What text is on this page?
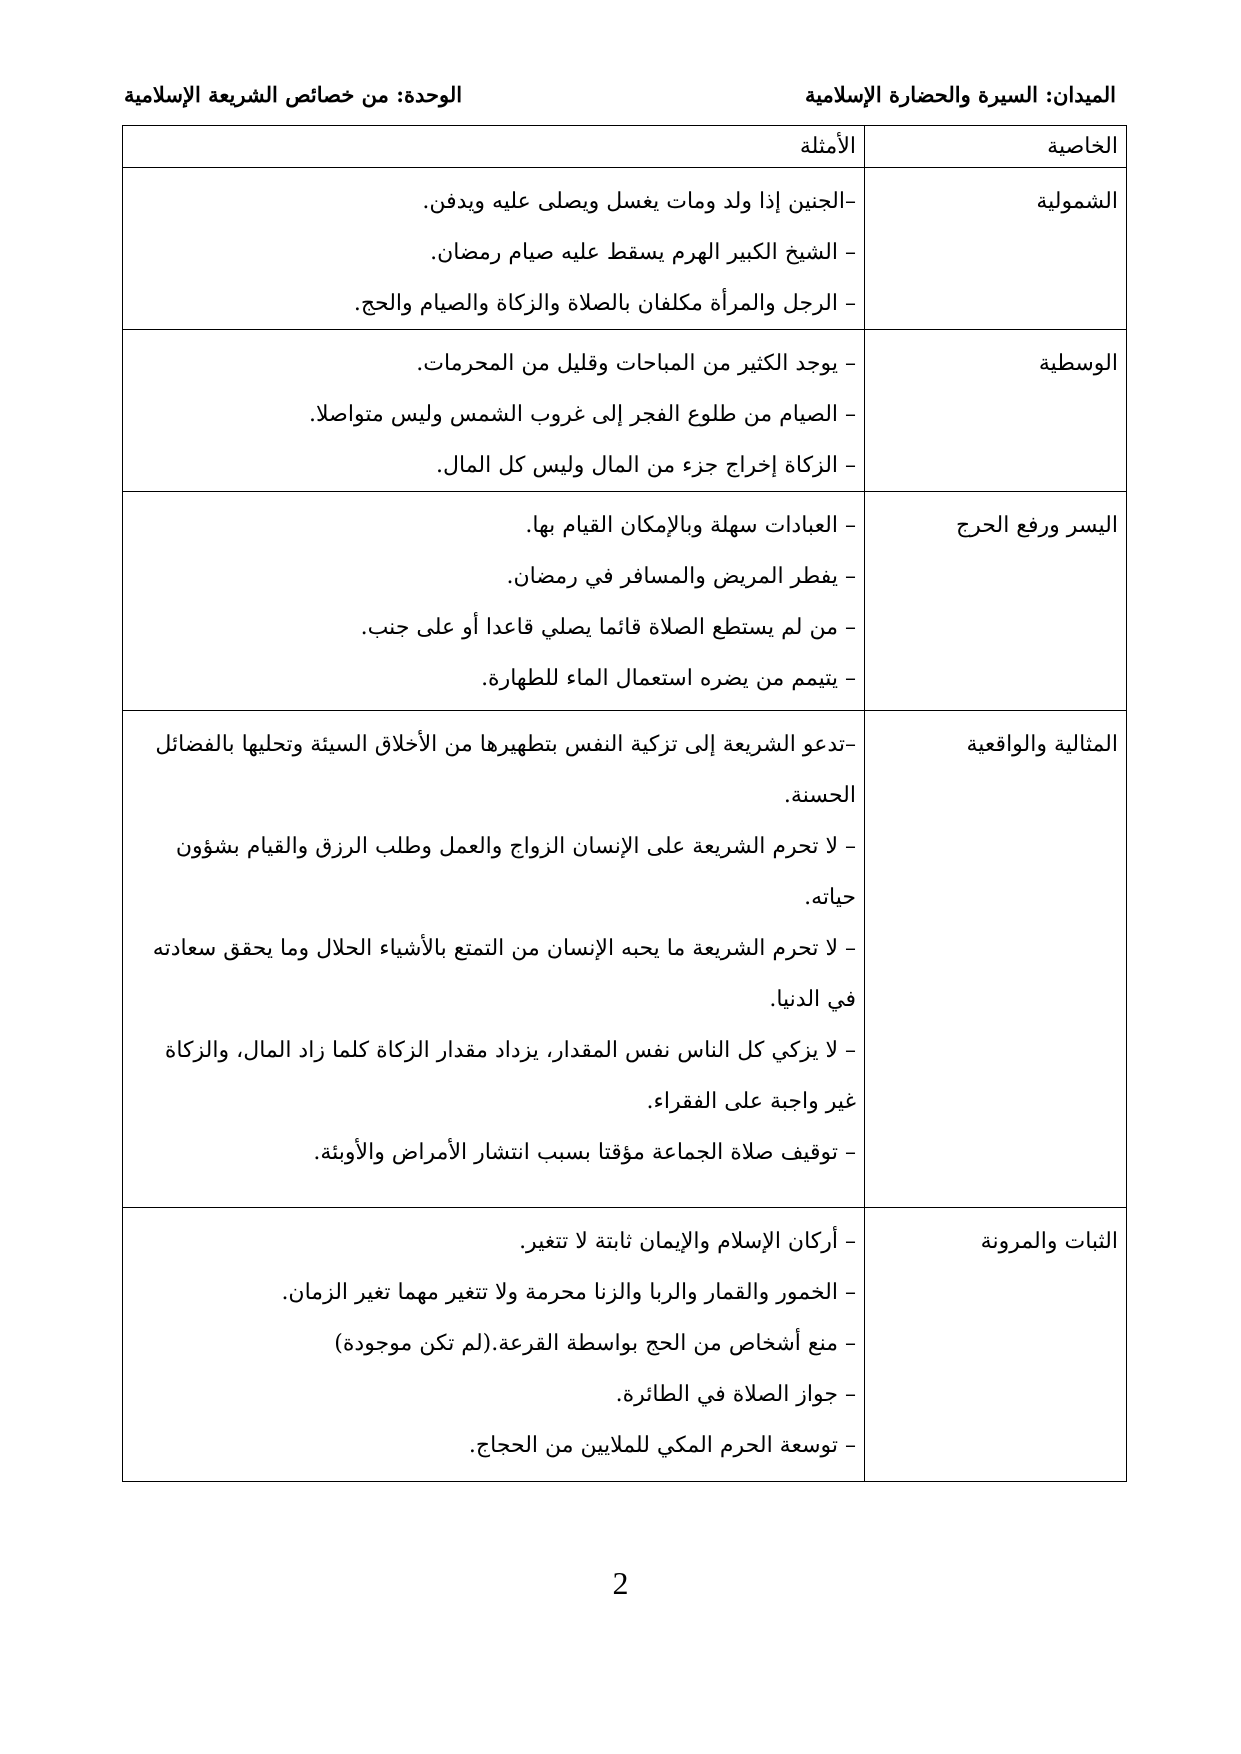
الميدان: السيرة والحضارة الإسلامية
الوحدة: من خصائص الشريعة الإسلامية
الخاصية	الأمثلة

الشمولية	–الجنين إذا ولد ومات يغسل ويصلى عليه ويدفن.
– الشيخ الكبير الهرم يسقط عليه صيام رمضان.
– الرجل والمرأة مكلفان بالصلاة والزكاة والصيام والحج.

الوسطية	– يوجد الكثير من المباحات وقليل من المحرمات.
– الصيام من طلوع الفجر إلى غروب الشمس وليس متواصلا.
– الزكاة إخراج جزء من المال وليس كل المال.

اليسر ورفع الحرج	– العبادات سهلة وبالإمكان القيام بها.
– يفطر المريض والمسافر في رمضان.
– من لم يستطع الصلاة قائما يصلي قاعدا أو على جنب.
– يتيمم من يضره استعمال الماء للطهارة.

المثالية والواقعية	–تدعو الشريعة إلى تزكية النفس بتطهيرها من الأخلاق السيئة وتحليها بالفضائل الحسنة.
– لا تحرم الشريعة على الإنسان الزواج والعمل وطلب الرزق والقيام بشؤون حياته.
– لا تحرم الشريعة ما يحبه الإنسان من التمتع بالأشياء الحلال وما يحقق سعادته في الدنيا.
– لا يزكي كل الناس نفس المقدار، يزداد مقدار الزكاة كلما زاد المال، والزكاة غير واجبة على الفقراء.
– توقيف صلاة الجماعة مؤقتا بسبب انتشار الأمراض والأوبئة.

الثبات والمرونة	– أركان الإسلام والإيمان ثابتة لا تتغير.
– الخمور والقمار والربا والزنا محرمة ولا تتغير مهما تغير الزمان.
– منع أشخاص من الحج بواسطة القرعة.(لم تكن موجودة)
– جواز الصلاة في الطائرة.
– توسعة الحرم المكي للملايين من الحجاج.
2
